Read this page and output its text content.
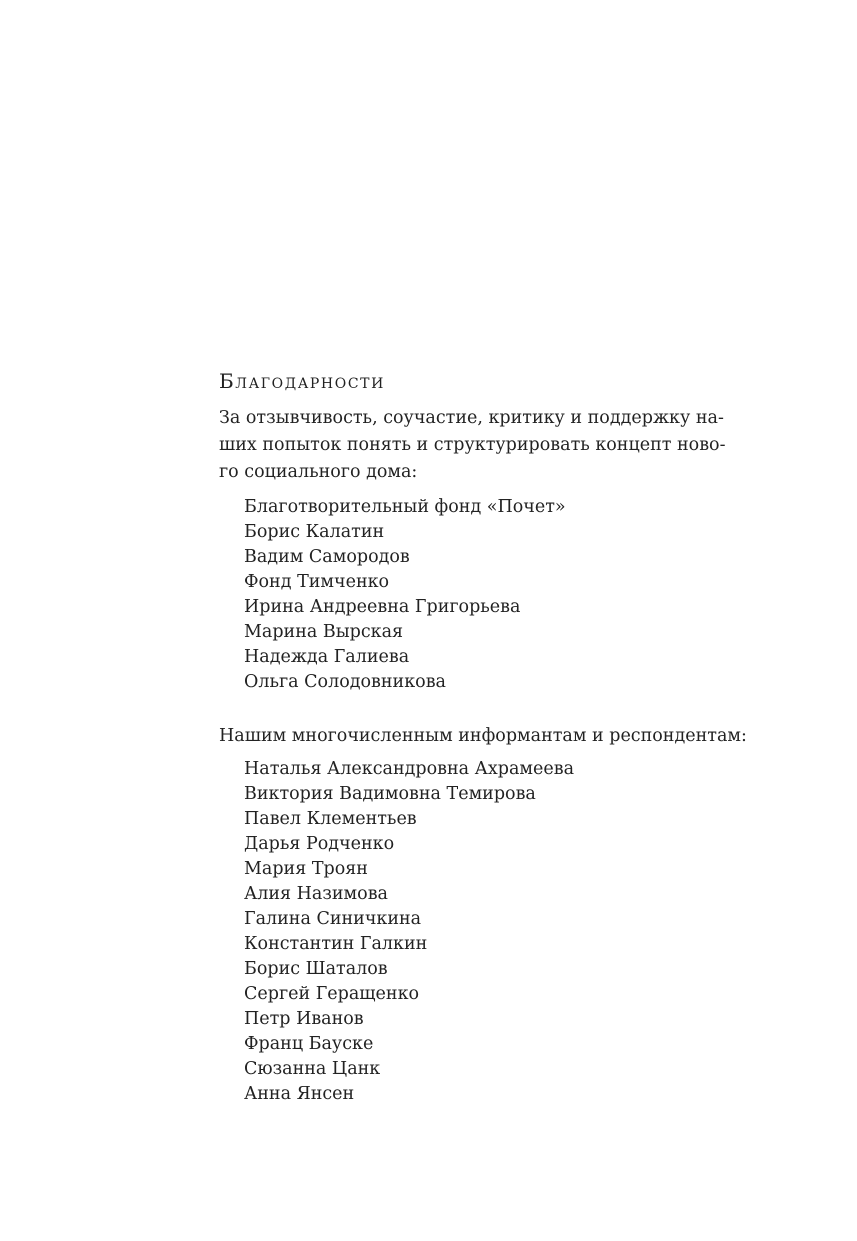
Благодарности

За отзывчивость, соучастие, критику и поддержку на-
ших попыток понять и структурировать концепт ново-
го социального дома:

Благотворительный фонд «Почет»
Борис Калатин
Вадим Самородов
Фонд Тимченко
Ирина Андреевна Григорьева
Марина Вырская
Надежда Галиева
Ольга Солодовникова

Нашим многочисленным информантам и респондентам:

Наталья Александровна Ахрамеева
Виктория Вадимовна Темирова
Павел Клементьев
Дарья Родченко
Мария Троян
Алия Назимова
Галина Синичкина
Константин Галкин
Борис Шаталов
Сергей Геращенко
Петр Иванов
Франц Бауске
Сюзанна Цанк
Анна Янсен
